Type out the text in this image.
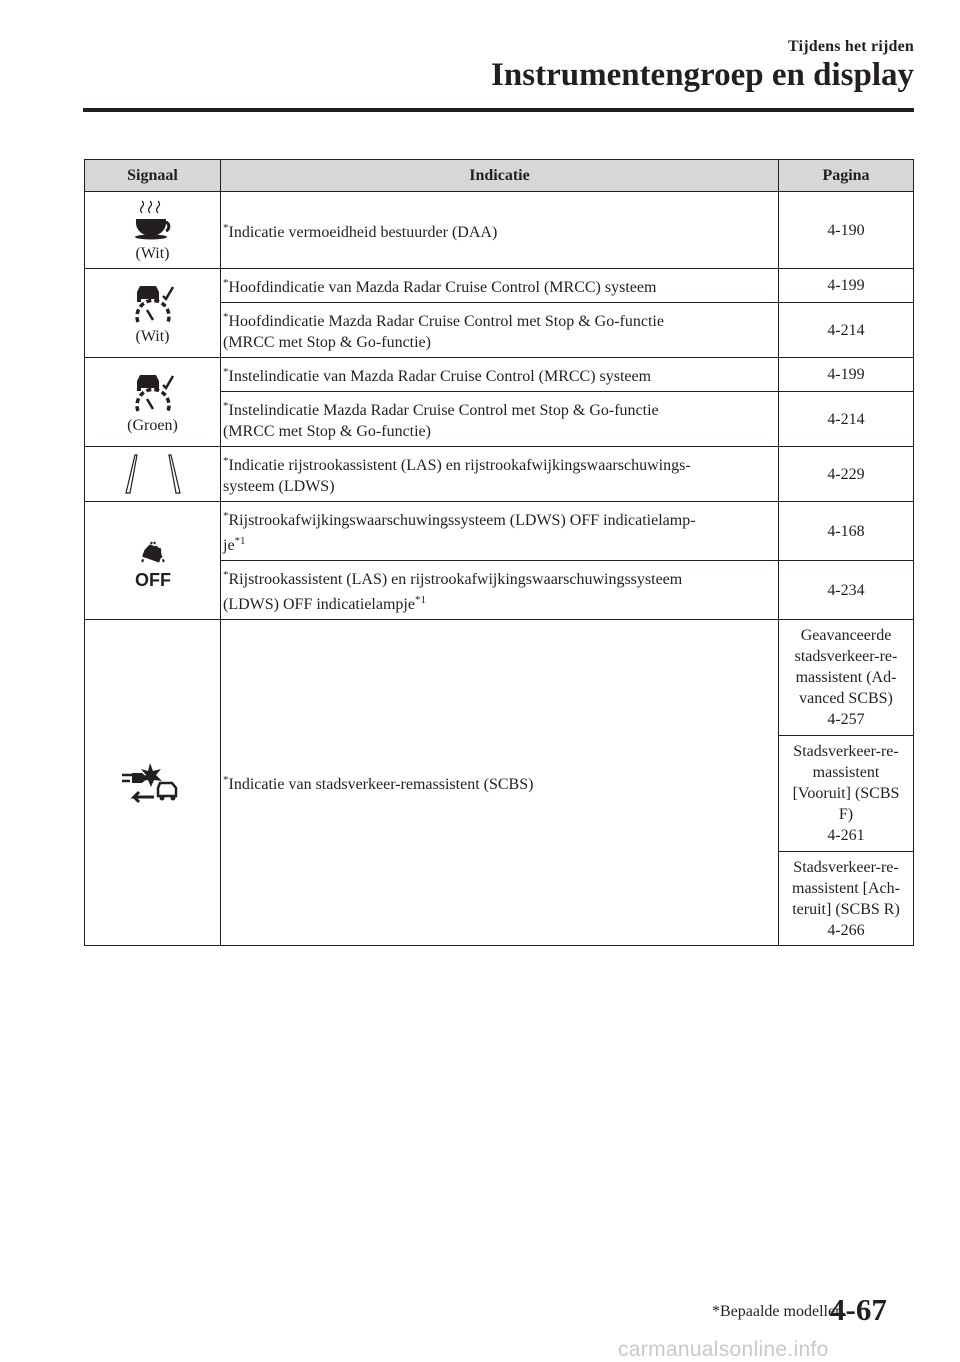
Tijdens het rijden
Instrumentengroep en display
Signaal	Indicatie	Pagina

(Wit)	*Indicatie vermoeidheid bestuurder (DAA)	4-190

(Wit)	*Hoofdindicatie van Mazda Radar Cruise Control (MRCC) systeem	4-199
	*Hoofdindicatie Mazda Radar Cruise Control met Stop & Go-functie
(MRCC met Stop & Go-functie)	4-214

(Groen)	*Instelindicatie van Mazda Radar Cruise Control (MRCC) systeem	4-199
	*Instelindicatie Mazda Radar Cruise Control met Stop & Go-functie
(MRCC met Stop & Go-functie)	4-214

	*Indicatie rijstrookassistent (LAS) en rijstrookafwijkingswaarschuwings-
systeem (LDWS)	4-229

OFF	*Rijstrookafwijkingswaarschuwingssysteem (LDWS) OFF indicatielamp-
$je^{*1}$	4-168
	*Rijstrookassistent (LAS) en rijstrookafwijkingswaarschuwingssysteem
(LDWS) OFF indicatielampje$^{*1}$	4-234

	*Indicatie van stadsverkeer-remassistent (SCBS)	Geavanceerde
stadsverkeer-re-
massistent (Ad-
vanced SCBS)
4-257

		Stadsverkeer-re-
massistent
[Vooruit] (SCBS
F)
4-261

		Stadsverkeer-re-
massistent [Ach-
teruit] (SCBS R)
4-266
*Bepaalde modellen.
4-67
carmanualsonline.info
